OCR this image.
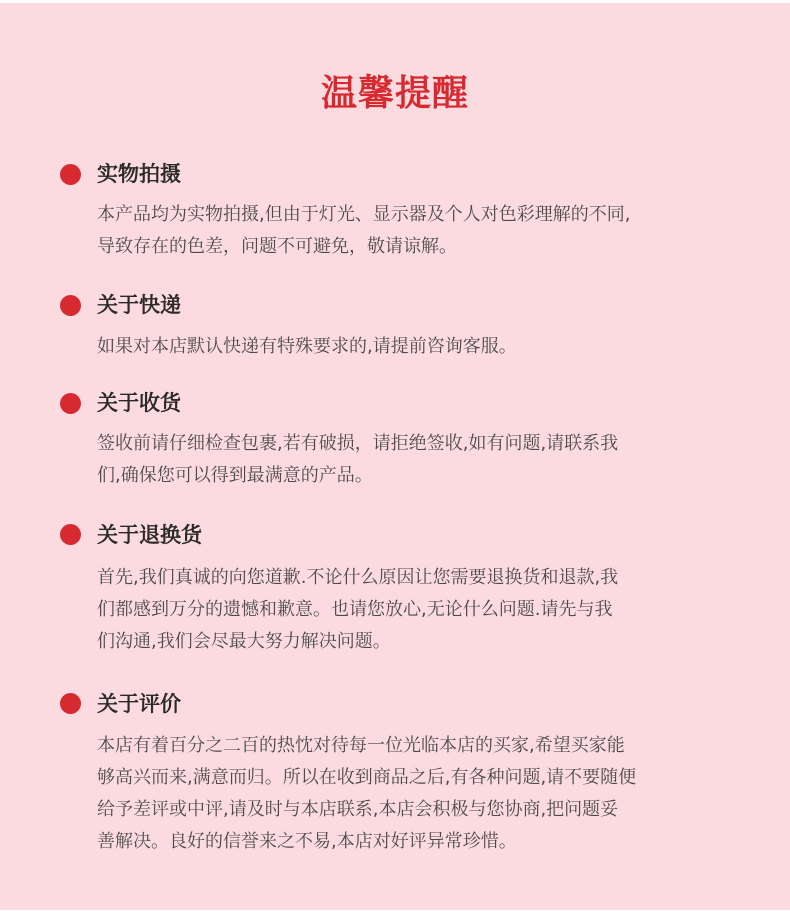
温馨提醒
实物拍摄

本产品均为实物拍摄,但由于灯光、显示器及个人对色彩理解的不同,

导致存在的色差，问题不可避免，敬请谅解。

关于快递

如果对本店默认快递有特殊要求的,请提前咨询客服。

关于收货

签收前请仔细检查包裹,若有破损，请拒绝签收,如有问题,请联系我

们,确保您可以得到最满意的产品。

关于退换货

首先,我们真诚的向您道歉.不论什么原因让您需要退换货和退款,我

们都感到万分的遗憾和歉意。也请您放心,无论什么问题.请先与我

们沟通,我们会尽最大努力解决问题。

关于评价

本店有着百分之二百的热忱对待每一位光临本店的买家,希望买家能

够高兴而来,满意而归。所以在收到商品之后,有各种问题,请不要随便

给予差评或中评,请及时与本店联系,本店会积极与您协商,把问题妥

善解决。良好的信誉来之不易,本店对好评异常珍惜。
